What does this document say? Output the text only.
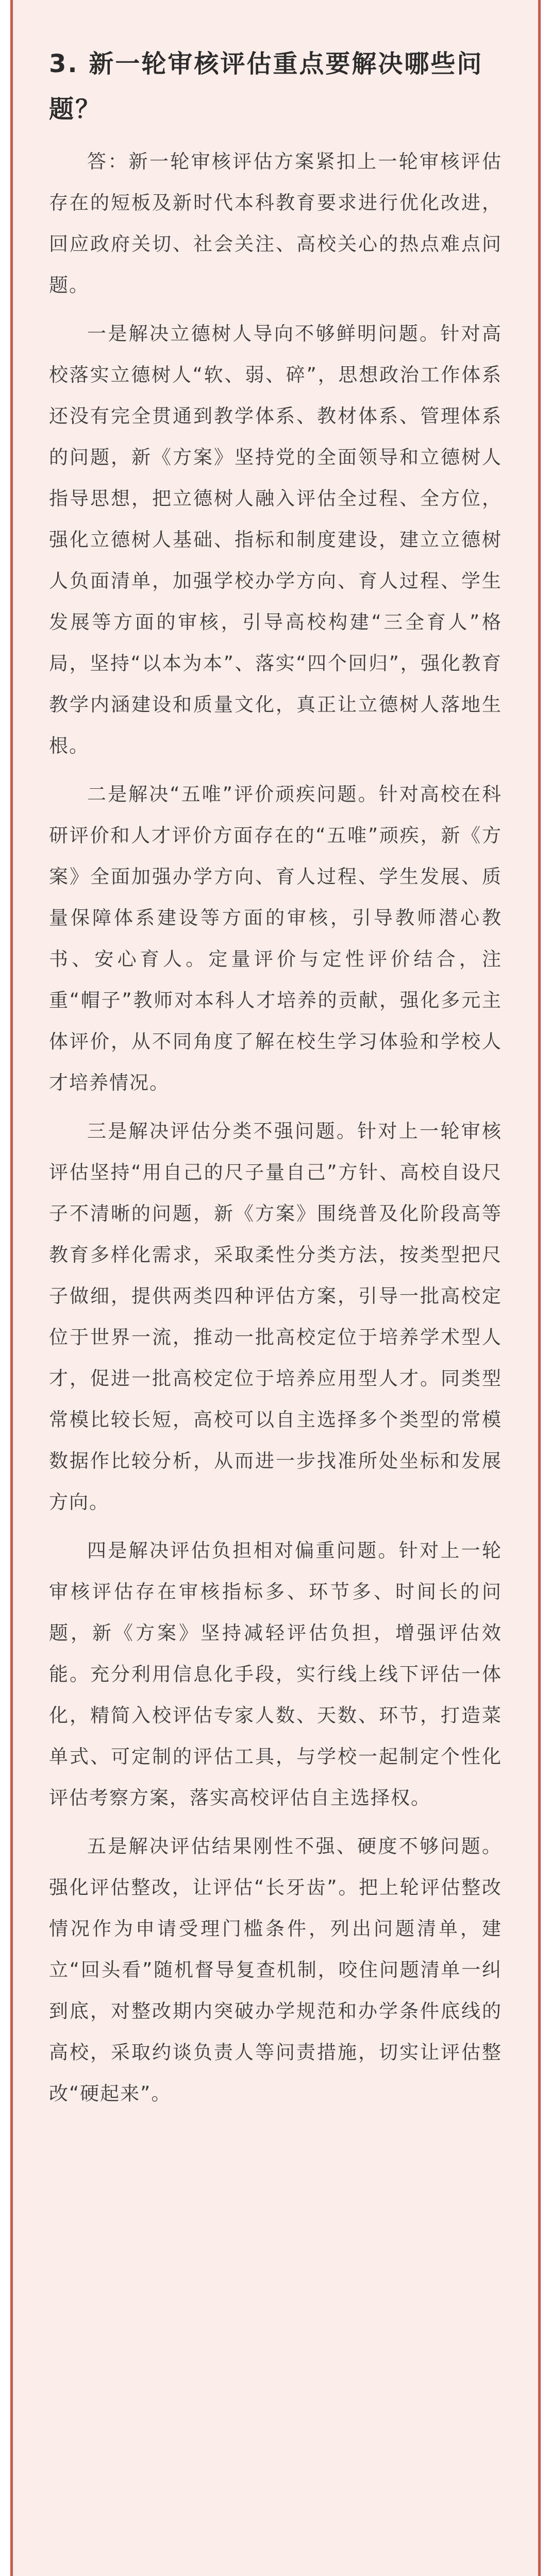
3. 新一轮审核评估重点要解决哪些问题？

答：新一轮审核评估方案紧扣上一轮审核评估存在的短板及新时代本科教育要求进行优化改进，回应政府关切、社会关注、高校关心的热点难点问题。

一是解决立德树人导向不够鲜明问题。针对高校落实立德树人“软、弱、碎”，思想政治工作体系还没有完全贯通到教学体系、教材体系、管理体系的问题，新《方案》坚持党的全面领导和立德树人指导思想，把立德树人融入评估全过程、全方位，强化立德树人基础、指标和制度建设，建立立德树人负面清单，加强学校办学方向、育人过程、学生发展等方面的审核，引导高校构建“三全育人”格局，坚持“以本为本”、落实“四个回归”，强化教育教学内涵建设和质量文化，真正让立德树人落地生根。

二是解决“五唯”评价顽疾问题。针对高校在科研评价和人才评价方面存在的“五唯”顽疾，新《方案》全面加强办学方向、育人过程、学生发展、质量保障体系建设等方面的审核，引导教师潜心教书、安心育人。定量评价与定性评价结合，注重“帽子”教师对本科人才培养的贡献，强化多元主体评价，从不同角度了解在校生学习体验和学校人才培养情况。

三是解决评估分类不强问题。针对上一轮审核评估坚持“用自己的尺子量自己”方针、高校自设尺子不清晰的问题，新《方案》围绕普及化阶段高等教育多样化需求，采取柔性分类方法，按类型把尺子做细，提供两类四种评估方案，引导一批高校定位于世界一流，推动一批高校定位于培养学术型人才，促进一批高校定位于培养应用型人才。同类型常模比较长短，高校可以自主选择多个类型的常模数据作比较分析，从而进一步找准所处坐标和发展方向。

四是解决评估负担相对偏重问题。针对上一轮审核评估存在审核指标多、环节多、时间长的问题，新《方案》坚持减轻评估负担，增强评估效能。充分利用信息化手段，实行线上线下评估一体化，精简入校评估专家人数、天数、环节，打造菜单式、可定制的评估工具，与学校一起制定个性化评估考察方案，落实高校评估自主选择权。

五是解决评估结果刚性不强、硬度不够问题。强化评估整改，让评估“长牙齿”。把上轮评估整改情况作为申请受理门槛条件，列出问题清单，建立“回头看”随机督导复查机制，咬住问题清单一纠到底，对整改期内突破办学规范和办学条件底线的高校，采取约谈负责人等问责措施，切实让评估整改“硬起来”。
